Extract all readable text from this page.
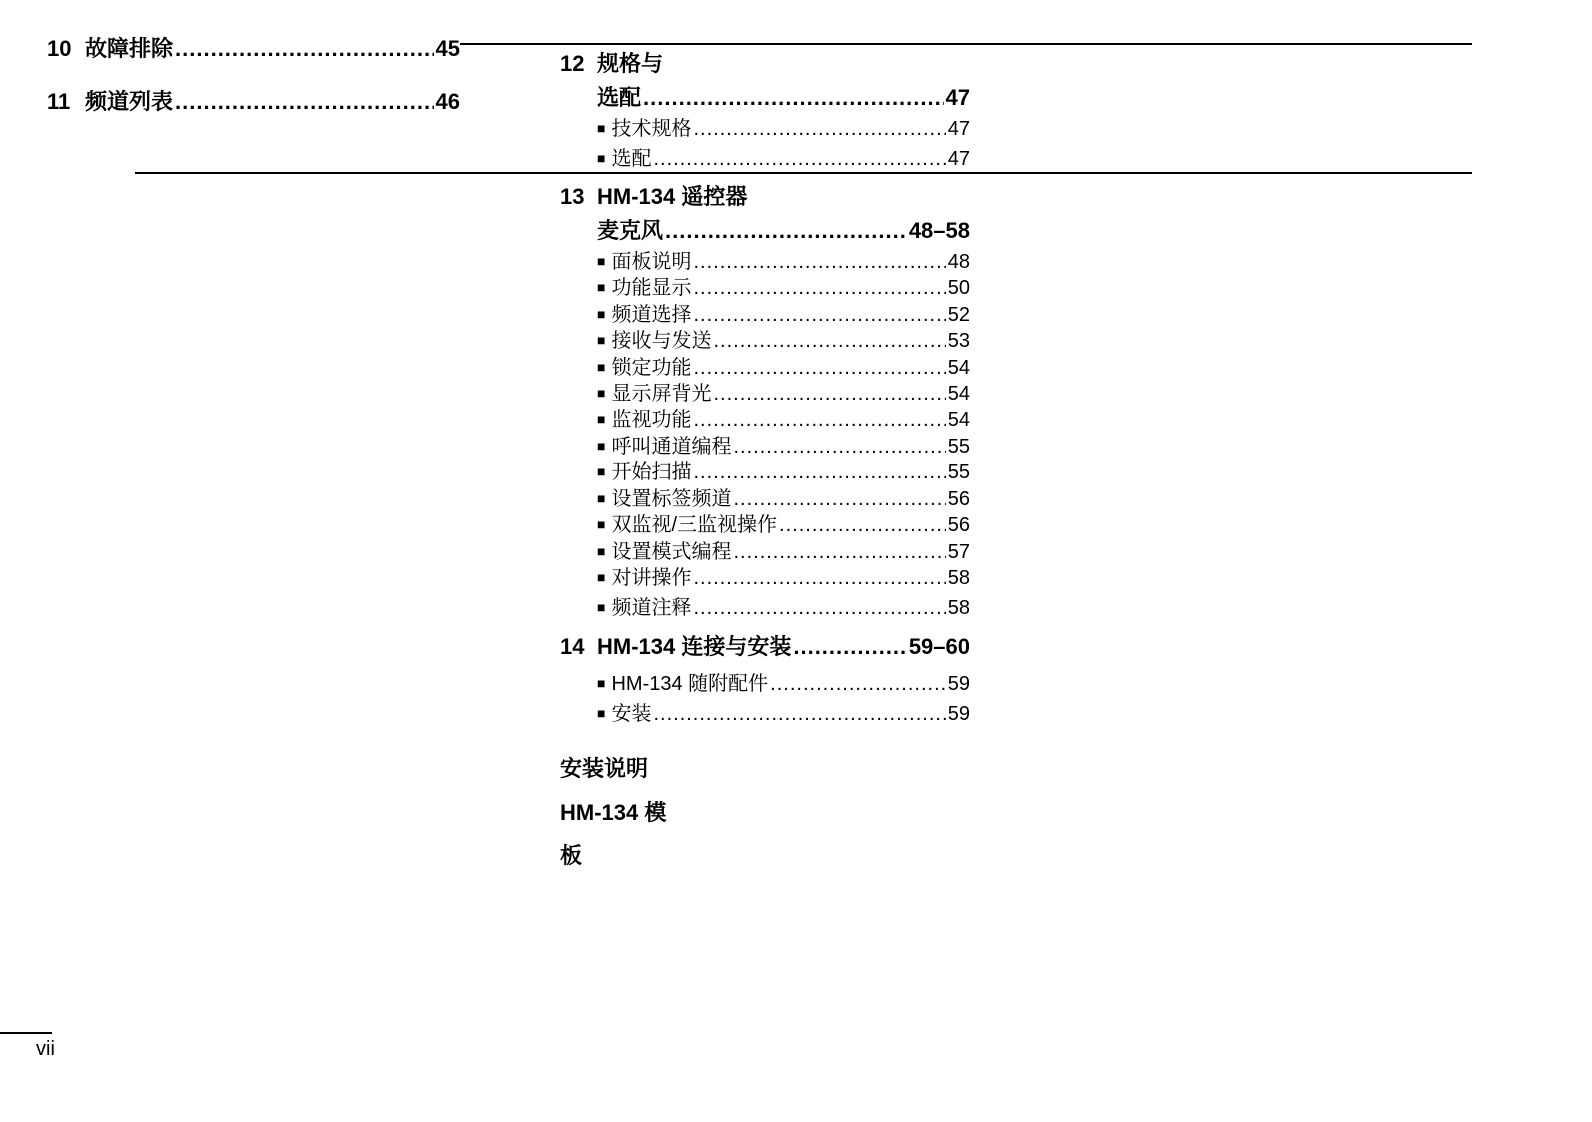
10 故障排除 .....	45
11 频道列表 .....	46
12 规格与
选配 .....	47
■ 技术规格 .....	47
■ 选配 .....	47
13 HM-134 遥控器
麦克风 .....	48–58
■ 面板说明 .....	48
■ 功能显示 .....	50
■ 频道选择 .....	52
■ 接收与发送 .....	53
■ 锁定功能 .....	54
■ 显示屏背光 .....	54
■ 监视功能 .....	54
■ 呼叫通道编程 .....	55
■ 开始扫描 .....	55
■ 设置标签频道 .....	56
■ 双监视/三监视操作 .....	56
■ 设置模式编程 .....	57
■ 对讲操作 .....	58
■ 频道注释 .....	58
14 HM-134 连接与安装 .....	59–60
■ HM-134 随附配件 .....	59
■ 安装 .....	59
安装说明
HM-134 模
板
vii
